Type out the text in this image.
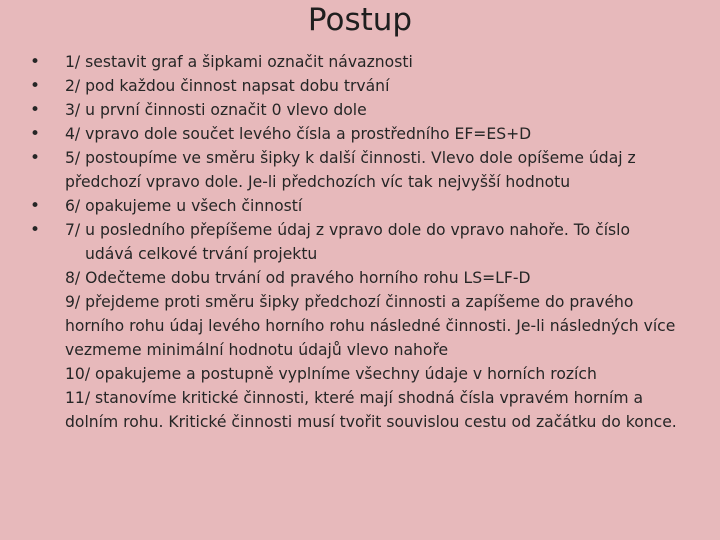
Postup
• 1/ sestavit graf a šipkami označit návaznosti
• 2/ pod každou činnost napsat dobu trvání
• 3/ u první činnosti označit 0 vlevo dole
• 4/ vpravo dole součet levého čísla a prostředního EF=ES+D
• 5/ postoupíme ve směru šipky k další činnosti. Vlevo dole opíšeme údaj z předchozí vpravo dole. Je-li předchozích víc tak nejvyšší hodnotu
• 6/ opakujeme u všech činností
• 7/ u posledního přepíšeme údaj z vpravo dole do vpravo nahoře. To číslo
udává celkové trvání projektu
8/ Odečteme dobu trvání od pravého horního rohu LS=LF-D
9/ přejdeme proti směru šipky předchozí činnosti a zapíšeme do pravého horního rohu údaj levého horního rohu následné činnosti. Je-li následných více vezmeme minimální hodnotu údajů vlevo nahoře
10/ opakujeme a postupně vyplníme všechny údaje v horních rozích
11/ stanovíme kritické činnosti, které mají shodná čísla vpravém horním a dolním rohu. Kritické činnosti musí tvořit souvislou cestu od začátku do konce.
